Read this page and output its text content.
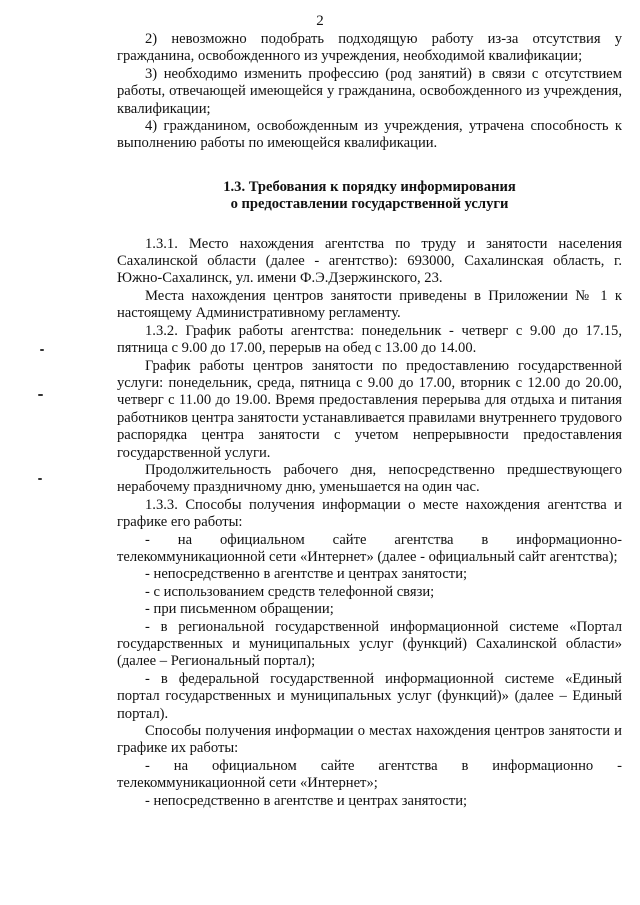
2

2) невозможно подобрать подходящую работу из-за отсутствия у гражданина, освобожденного из учреждения, необходимой квалификации;

3) необходимо изменить профессию (род занятий) в связи с отсутствием работы, отвечающей имеющейся у гражданина, освобожденного из учреждения, квалификации;

4) гражданином, освобожденным из учреждения, утрачена способность к выполнению работы по имеющейся квалификации.

1.3. Требования к порядку информирования

о предоставлении государственной услуги

1.3.1. Место нахождения агентства по труду и занятости населения Сахалинской области (далее - агентство): 693000, Сахалинская область, г. Южно-Сахалинск, ул. имени Ф.Э.Дзержинского, 23.

Места нахождения центров занятости приведены в Приложении № 1 к настоящему Административному регламенту.

1.3.2. График работы агентства: понедельник - четверг с 9.00 до 17.15, пятница с 9.00 до 17.00, перерыв на обед с 13.00 до 14.00.

График работы центров занятости по предоставлению государственной услуги: понедельник, среда, пятница с 9.00 до 17.00, вторник с 12.00 до 20.00, четверг с 11.00 до 19.00. Время предоставления перерыва для отдыха и питания работников центра занятости устанавливается правилами внутреннего трудового распорядка центра занятости с учетом непрерывности предоставления государственной услуги.

Продолжительность рабочего дня, непосредственно предшествующего нерабочему праздничному дню, уменьшается на один час.

1.3.3. Способы получения информации о месте нахождения агентства и графике его работы:

- на официальном сайте агентства в информационно-телекоммуникационной сети «Интернет» (далее - официальный сайт агентства);

- непосредственно в агентстве и центрах занятости;

- с использованием средств телефонной связи;

- при письменном обращении;

- в региональной государственной информационной системе «Портал государственных и муниципальных услуг (функций) Сахалинской области» (далее – Региональный портал);

- в федеральной государственной информационной системе «Единый портал государственных и муниципальных услуг (функций)» (далее – Единый портал).

Способы получения информации о местах нахождения центров занятости и графике их работы:

- на официальном сайте агентства в информационно - телекоммуникационной сети «Интернет»;

- непосредственно в агентстве и центрах занятости;
